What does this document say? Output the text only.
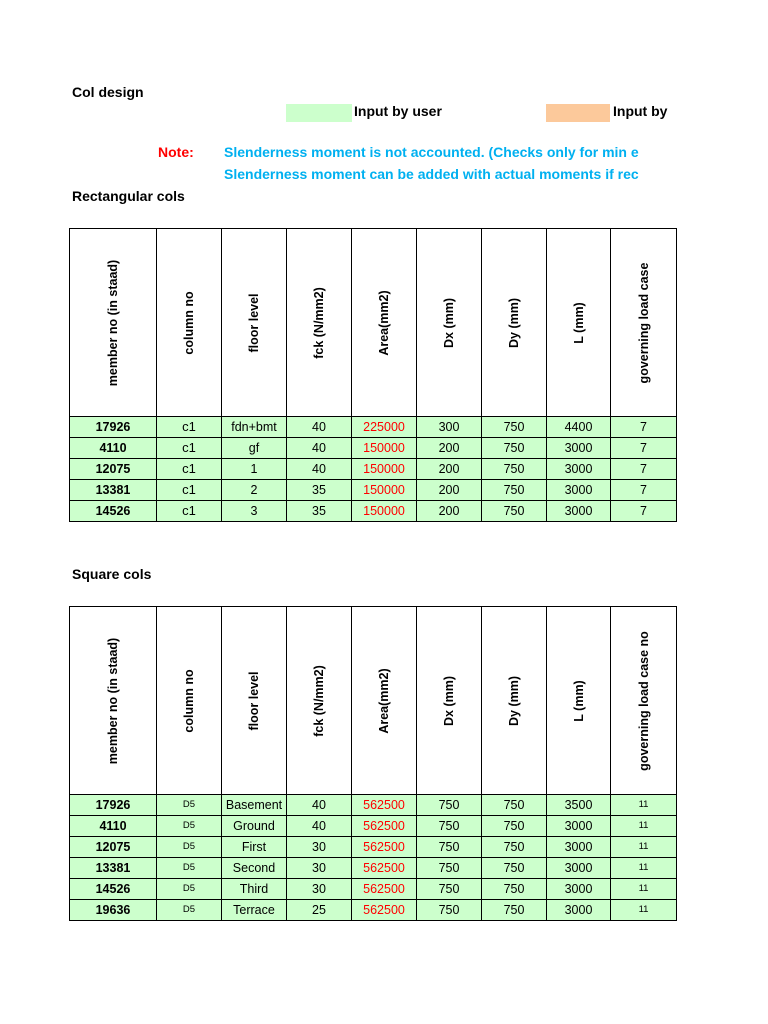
Col design
Input by user	Input by
Note: Slenderness moment is not accounted. (Checks only for min e
Slenderness moment can be added with actual moments if rec
Rectangular cols
member no (in staad)	column no	floor level	fck (N/mm2)	Area(mm2)	Dx (mm)	Dy (mm)	L (mm)	governing load case

17926	c1	fdn+bmt	40	225000	300	750	4400	7
4110	c1	gf	40	150000	200	750	3000	7
12075	c1	1	40	150000	200	750	3000	7
13381	c1	2	35	150000	200	750	3000	7
14526	c1	3	35	150000	200	750	3000	7
Square cols
member no (in staad)	column no	floor level	fck (N/mm2)	Area(mm2)	Dx (mm)	Dy (mm)	L (mm)	governing load case no

17926	D5	Basement	40	562500	750	750	3500	11
4110	D5	Ground	40	562500	750	750	3000	11
12075	D5	First	30	562500	750	750	3000	11
13381	D5	Second	30	562500	750	750	3000	11
14526	D5	Third	30	562500	750	750	3000	11
19636	D5	Terrace	25	562500	750	750	3000	11
